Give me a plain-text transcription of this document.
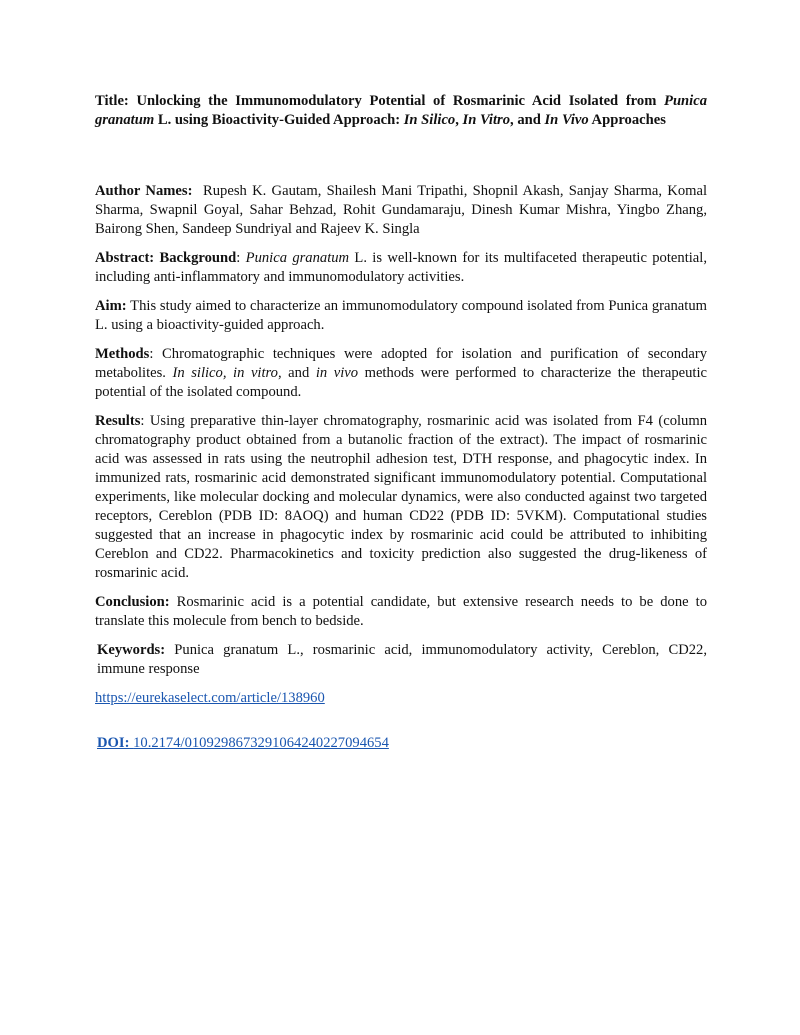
Title: Unlocking the Immunomodulatory Potential of Rosmarinic Acid Isolated from Punica granatum L. using Bioactivity-Guided Approach: In Silico, In Vitro, and In Vivo Approaches

Author Names: Rupesh K. Gautam, Shailesh Mani Tripathi, Shopnil Akash, Sanjay Sharma, Komal Sharma, Swapnil Goyal, Sahar Behzad, Rohit Gundamaraju, Dinesh Kumar Mishra, Yingbo Zhang, Bairong Shen, Sandeep Sundriyal and Rajeev K. Singla

Abstract: Background: Punica granatum L. is well-known for its multifaceted therapeutic potential, including anti-inflammatory and immunomodulatory activities.

Aim: This study aimed to characterize an immunomodulatory compound isolated from Punica granatum L. using a bioactivity-guided approach.

Methods: Chromatographic techniques were adopted for isolation and purification of secondary metabolites. In silico, in vitro, and in vivo methods were performed to characterize the therapeutic potential of the isolated compound.

Results: Using preparative thin-layer chromatography, rosmarinic acid was isolated from F4 (column chromatography product obtained from a butanolic fraction of the extract). The impact of rosmarinic acid was assessed in rats using the neutrophil adhesion test, DTH response, and phagocytic index. In immunized rats, rosmarinic acid demonstrated significant immunomodulatory potential. Computational experiments, like molecular docking and molecular dynamics, were also conducted against two targeted receptors, Cereblon (PDB ID: 8AOQ) and human CD22 (PDB ID: 5VKM). Computational studies suggested that an increase in phagocytic index by rosmarinic acid could be attributed to inhibiting Cereblon and CD22. Pharmacokinetics and toxicity prediction also suggested the drug-likeness of rosmarinic acid.

Conclusion: Rosmarinic acid is a potential candidate, but extensive research needs to be done to translate this molecule from bench to bedside.

Keywords: Punica granatum L., rosmarinic acid, immunomodulatory activity, Cereblon, CD22, immune response

https://eurekaselect.com/article/138960

DOI: 10.2174/0109298673291064240227094654
